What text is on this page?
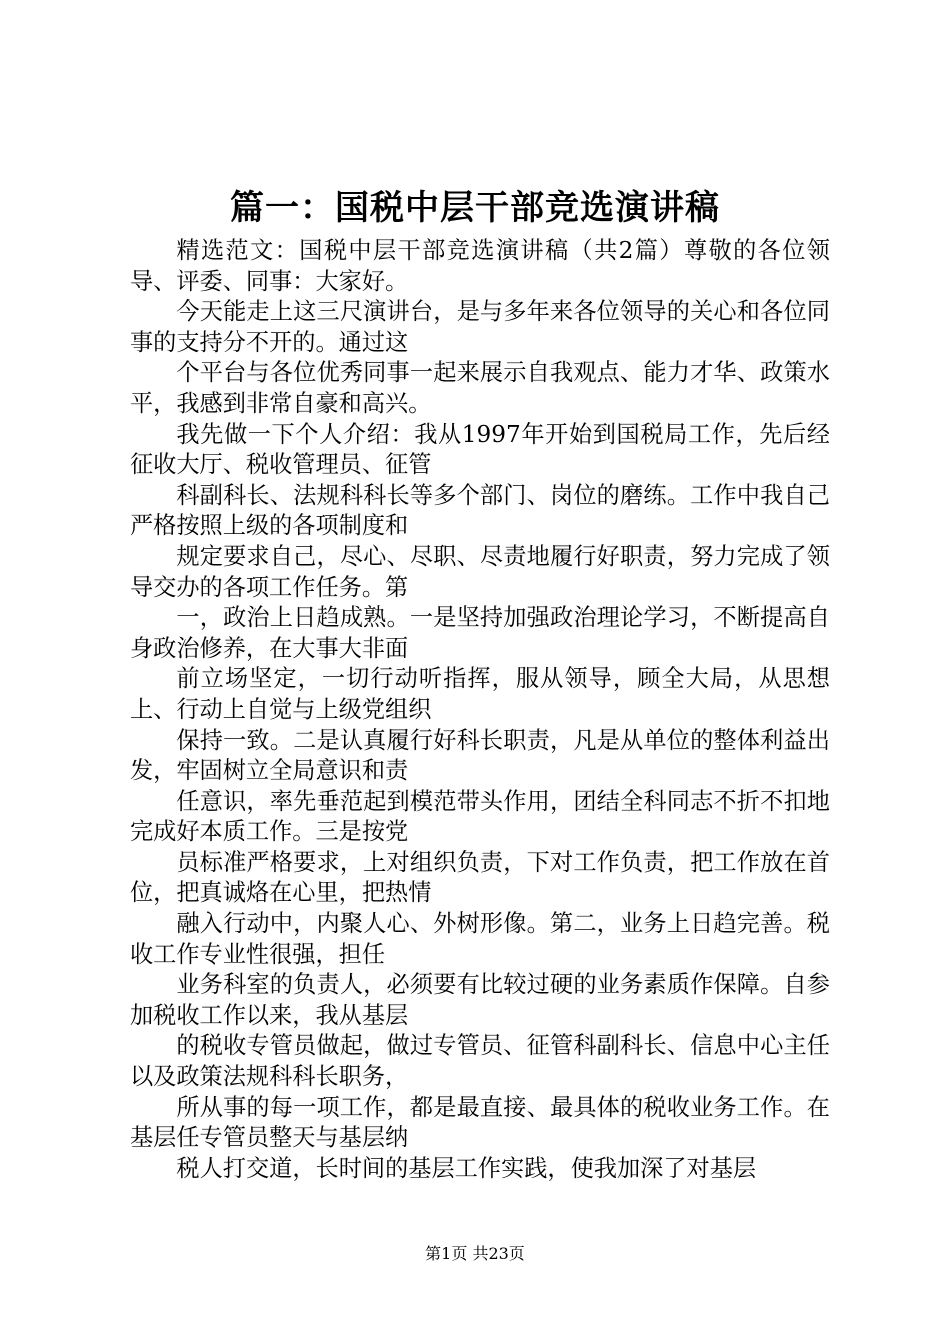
篇一：国税中层干部竞选演讲稿

精选范文：国税中层干部竞选演讲稿（共2篇）尊敬的各位领导、评委、同事：大家好。

今天能走上这三尺演讲台，是与多年来各位领导的关心和各位同事的支持分不开的。通过这

个平台与各位优秀同事一起来展示自我观点、能力才华、政策水平，我感到非常自豪和高兴。

我先做一下个人介绍：我从1997年开始到国税局工作，先后经征收大厅、税收管理员、征管

科副科长、法规科科长等多个部门、岗位的磨练。工作中我自己严格按照上级的各项制度和

规定要求自己，尽心、尽职、尽责地履行好职责，努力完成了领导交办的各项工作任务。第

一，政治上日趋成熟。一是坚持加强政治理论学习，不断提高自身政治修养，在大事大非面

前立场坚定，一切行动听指挥，服从领导，顾全大局，从思想上、行动上自觉与上级党组织

保持一致。二是认真履行好科长职责，凡是从单位的整体利益出发，牢固树立全局意识和责

任意识，率先垂范起到模范带头作用，团结全科同志不折不扣地完成好本质工作。三是按党

员标准严格要求，上对组织负责，下对工作负责，把工作放在首位，把真诚烙在心里，把热情

融入行动中，内聚人心、外树形像。第二，业务上日趋完善。税收工作专业性很强，担任

业务科室的负责人，必须要有比较过硬的业务素质作保障。自参加税收工作以来，我从基层

的税收专管员做起，做过专管员、征管科副科长、信息中心主任以及政策法规科科长职务，

所从事的每一项工作，都是最直接、最具体的税收业务工作。在基层任专管员整天与基层纳

税人打交道，长时间的基层工作实践，使我加深了对基层

第1页 共23页
